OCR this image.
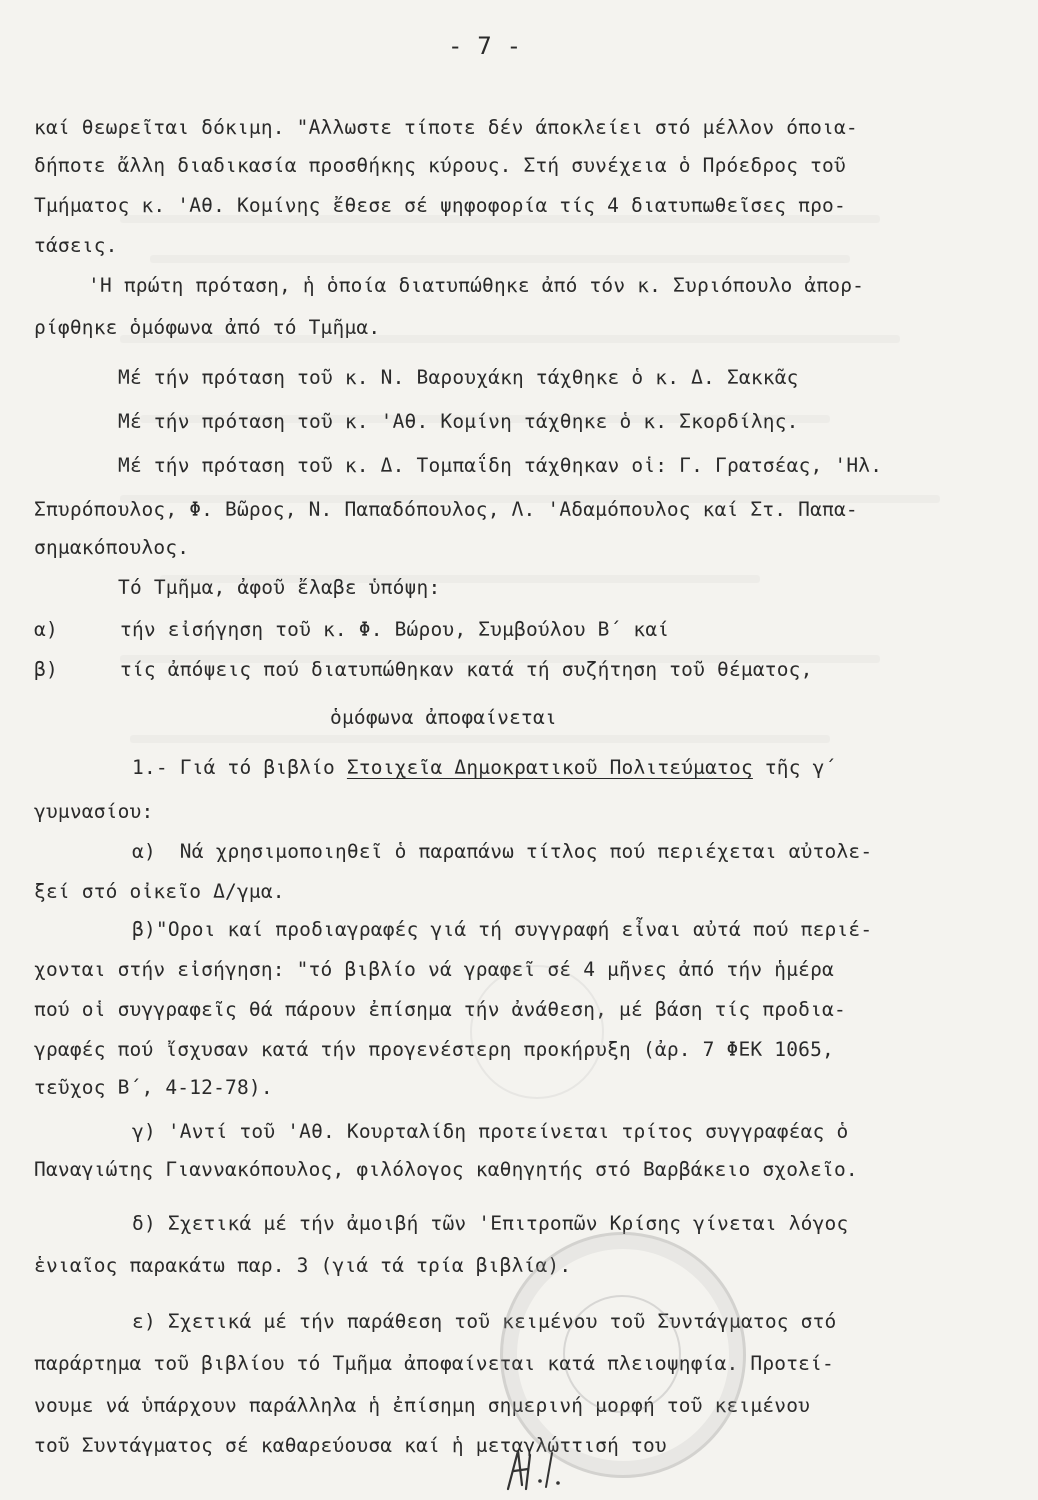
- 7 -
καί θεωρεῖται δόκιμη. "Αλλωστε τίποτε δέν άποκλείει στό μέλλον όποια-
δήποτε ἄλλη διαδικασία προσθήκης κύρους. Στή συνέχεια ὁ Πρόεδρος τοῦ
Τμήματος κ. 'Αθ. Κομίνης ἔθεσε σέ ψηφοφορία τίς 4 διατυπωθεῖσες προ-
τάσεις.
'Η πρώτη πρόταση, ἡ ὁποία διατυπώθηκε ἀπό τόν κ. Συριόπουλο ἀπορ-
ρίφθηκε ὁμόφωνα ἀπό τό Τμῆμα.
Μέ τήν πρόταση τοῦ κ. Ν. Βαρουχάκη τάχθηκε ὁ κ. Δ. Σακκᾶς
Μέ τήν πρόταση τοῦ κ. 'Αθ. Κομίνη τάχθηκε ὁ κ. Σκορδίλης.
Μέ τήν πρόταση τοῦ κ. Δ. Τομπαΐδη τάχθηκαν οἱ: Γ. Γρατσέας, 'Ηλ.
Σπυρόπουλος, Φ. Βῶρος, Ν. Παπαδόπουλος, Λ. 'Αδαμόπουλος καί Στ. Παπα-
σημακόπουλος.
Τό Τμῆμα, ἀφοῦ ἔλαβε ὑπόψη:
α)	τήν εἰσήγηση τοῦ κ. Φ. Βώρου, Συμβούλου Β΄ καί
β)	τίς ἀπόψεις πού διατυπώθηκαν κατά τή συζήτηση τοῦ θέματος,
ὁμόφωνα ἀποφαίνεται
1.- Γιά τό βιβλίο Στοιχεῖα Δημοκρατικοῦ Πολιτεύματος τῆς γ΄
γυμνασίου:
α)  Νά χρησιμοποιηθεῖ ὁ παραπάνω τίτλος πού περιέχεται αὐτολε-
ξεί στό οἰκεῖο Δ/γμα.
β)"Οροι καί προδιαγραφές γιά τή συγγραφή εἶναι αὐτά πού περιέ-
χονται στήν εἰσήγηση: "τό βιβλίο νά γραφεῖ σέ 4 μῆνες ἀπό τήν ἡμέρα
πού οἱ συγγραφεῖς θά πάρουν ἐπίσημα τήν ἀνάθεση, μέ βάση τίς προδια-
γραφές πού ἴσχυσαν κατά τήν προγενέστερη προκήρυξη (ἀρ. 7 ΦΕΚ 1065,
τεῦχος Β΄, 4-12-78).
γ) 'Αντί τοῦ 'Αθ. Κουρταλίδη προτείνεται τρίτος συγγραφέας ὁ
Παναγιώτης Γιαννακόπουλος, φιλόλογος καθηγητής στό Βαρβάκειο σχολεῖο.
δ) Σχετικά μέ τήν ἀμοιβή τῶν 'Επιτροπῶν Κρίσης γίνεται λόγος
ἑνιαῖος παρακάτω παρ. 3 (γιά τά τρία βιβλία).
ε) Σχετικά μέ τήν παράθεση τοῦ κειμένου τοῦ Συντάγματος στό
παράρτημα τοῦ βιβλίου τό Τμῆμα ἀποφαίνεται κατά πλειοψηφία. Προτεί-
νουμε νά ὑπάρχουν παράλληλα ἡ ἐπίσημη σημερινή μορφή τοῦ κειμένου
τοῦ Συντάγματος σέ καθαρεύουσα καί ἡ μεταγλώττισή του
